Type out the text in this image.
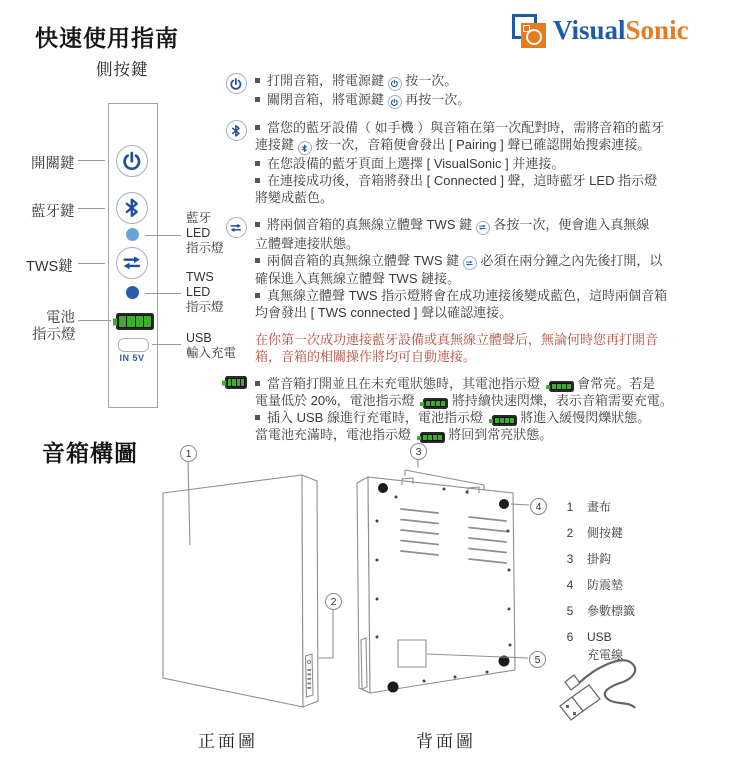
快速使用指南	VisualSonic
側按鍵
IN 5V
開關鍵
藍牙鍵
TWS鍵
電池
指示燈
藍牙
LED
指示燈
TWS
LED
指示燈
USB
輸入充電
打開音箱，將電源鍵
按一次。
關閉音箱，將電源鍵
再按一次。
當您的藍牙設備（ 如手機 ）與音箱在第一次配對時，需將音箱的藍牙
連接鍵
按一次，音箱便會發出 [ Pairing ] 聲已確認開始搜索連接。
在您設備的藍牙頁面上選擇 [ VisualSonic ] 并連接。
在連接成功後，音箱將發出 [ Connected ] 聲，這時藍牙 LED 指示燈
將變成藍色。
將兩個音箱的真無線立體聲 TWS 鍵
各按一次，便會進入真無線
立體聲連接狀態。
兩個音箱的真無線立體聲 TWS 鍵
必須在兩分鐘之內先後打開，以
確保進入真無線立體聲 TWS 鏈接。
真無線立體聲 TWS 指示燈將會在成功連接後變成藍色，這時兩個音箱
均會發出 [ TWS connected ] 聲以確認連接。
在你第一次成功連接藍牙設備或真無線立體聲后，無論何時您再打開音
箱，音箱的相關操作將均可自動連接。
當音箱打開並且在未充電狀態時，其電池指示燈
會常亮。若是
電量低於 20%，電池指示燈
將持續快速閃爍，表示音箱需要充電。
插入 USB 線進行充電時，電池指示燈
將進入緩慢閃爍狀態。
當電池充滿時，電池指示燈
將回到常亮狀態。
音箱構圖	1
2
3
4
5
1 畫布
2 側按鍵
3 掛鈎
4 防震墊
5 參數標籤
6 USB
充電線
正面圖	背面圖
